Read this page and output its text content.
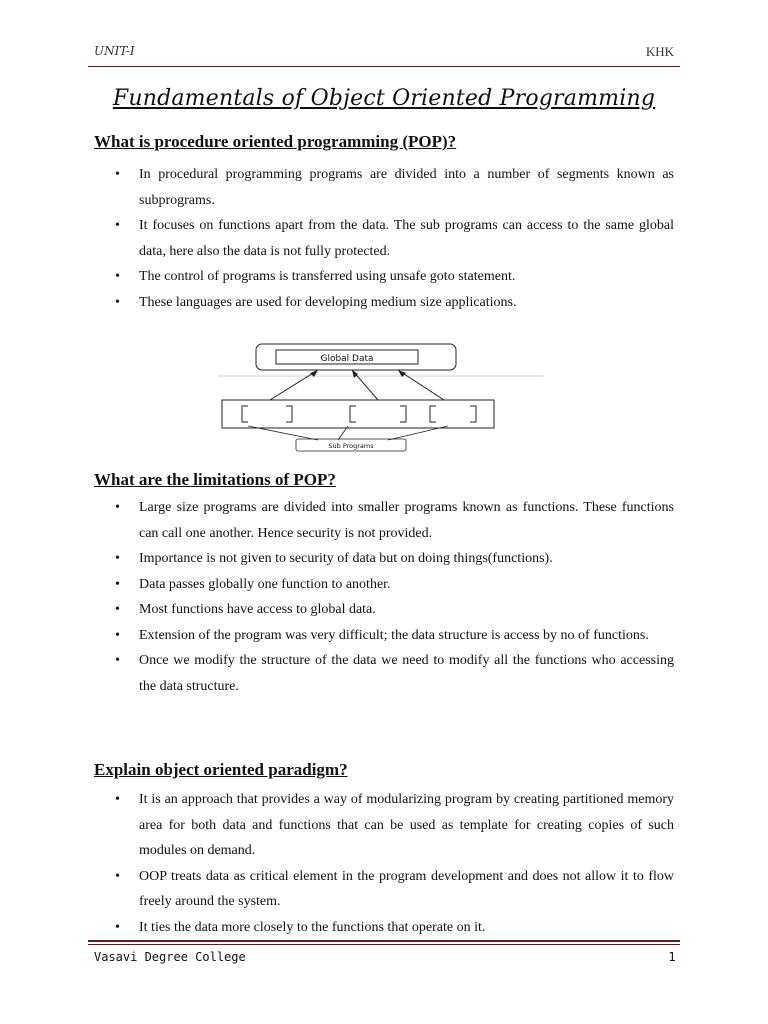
UNIT-I	KHK
Fundamentals of Object Oriented Programming
What is procedure oriented programming (POP)?
• In procedural programming programs are divided into a number of segments known as subprograms.
• It focuses on functions apart from the data. The sub programs can access to the same global data, here also the data is not fully protected.
• The control of programs is transferred using unsafe goto statement.
• These languages are used for developing medium size applications.
Global Data
Sub Programs
What are the limitations of POP?
• Large size programs are divided into smaller programs known as functions. These functions can call one another. Hence security is not provided.
• Importance is not given to security of data but on doing things(functions).
• Data passes globally one function to another.
• Most functions have access to global data.
• Extension of the program was very difficult; the data structure is access by no of functions.
• Once we modify the structure of the data we need to modify all the functions who accessing the data structure.
Explain object oriented paradigm?
• It is an approach that provides a way of modularizing program by creating partitioned memory area for both data and functions that can be used as template for creating copies of such modules on demand.
• OOP treats data as critical element in the program development and does not allow it to flow freely around the system.
• It ties the data more closely to the functions that operate on it.
Vasavi Degree College	1
